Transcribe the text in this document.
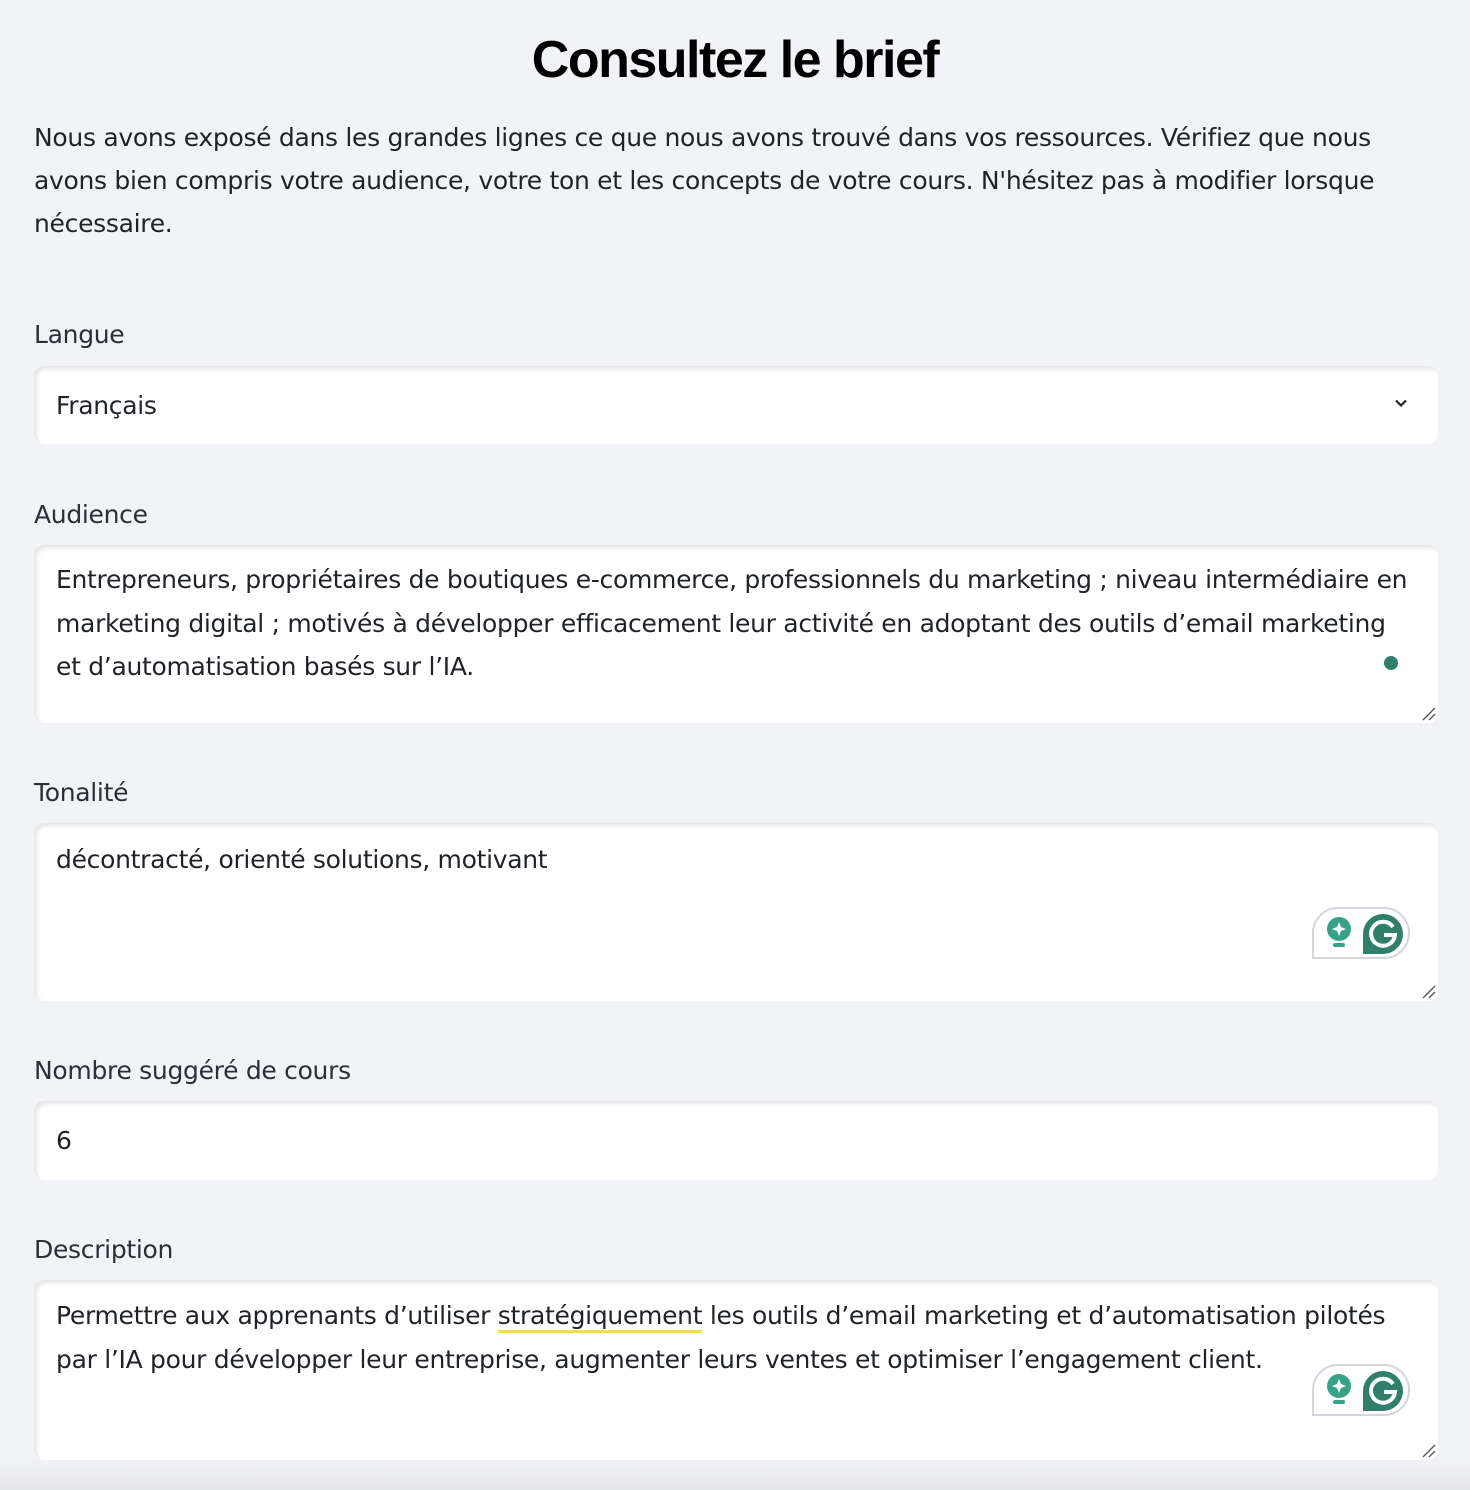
Consultez le brief

Nous avons exposé dans les grandes lignes ce que nous avons trouvé dans vos ressources. Vérifiez que nous avons bien compris votre audience, votre ton et les concepts de votre cours. N'hésitez pas à modifier lorsque nécessaire.

Langue
Français
Audience
Entrepreneurs, propriétaires de boutiques e-commerce, professionnels du marketing ; niveau intermédiaire en marketing digital ; motivés à développer efficacement leur activité en adoptant des outils d’email marketing et d’automatisation basés sur l’IA.
Tonalité
décontracté, orienté solutions, motivant
Nombre suggéré de cours
6
Description
Permettre aux apprenants d’utiliser stratégiquement les outils d’email marketing et d’automatisation pilotés par l’IA pour développer leur entreprise, augmenter leurs ventes et optimiser l’engagement client.
